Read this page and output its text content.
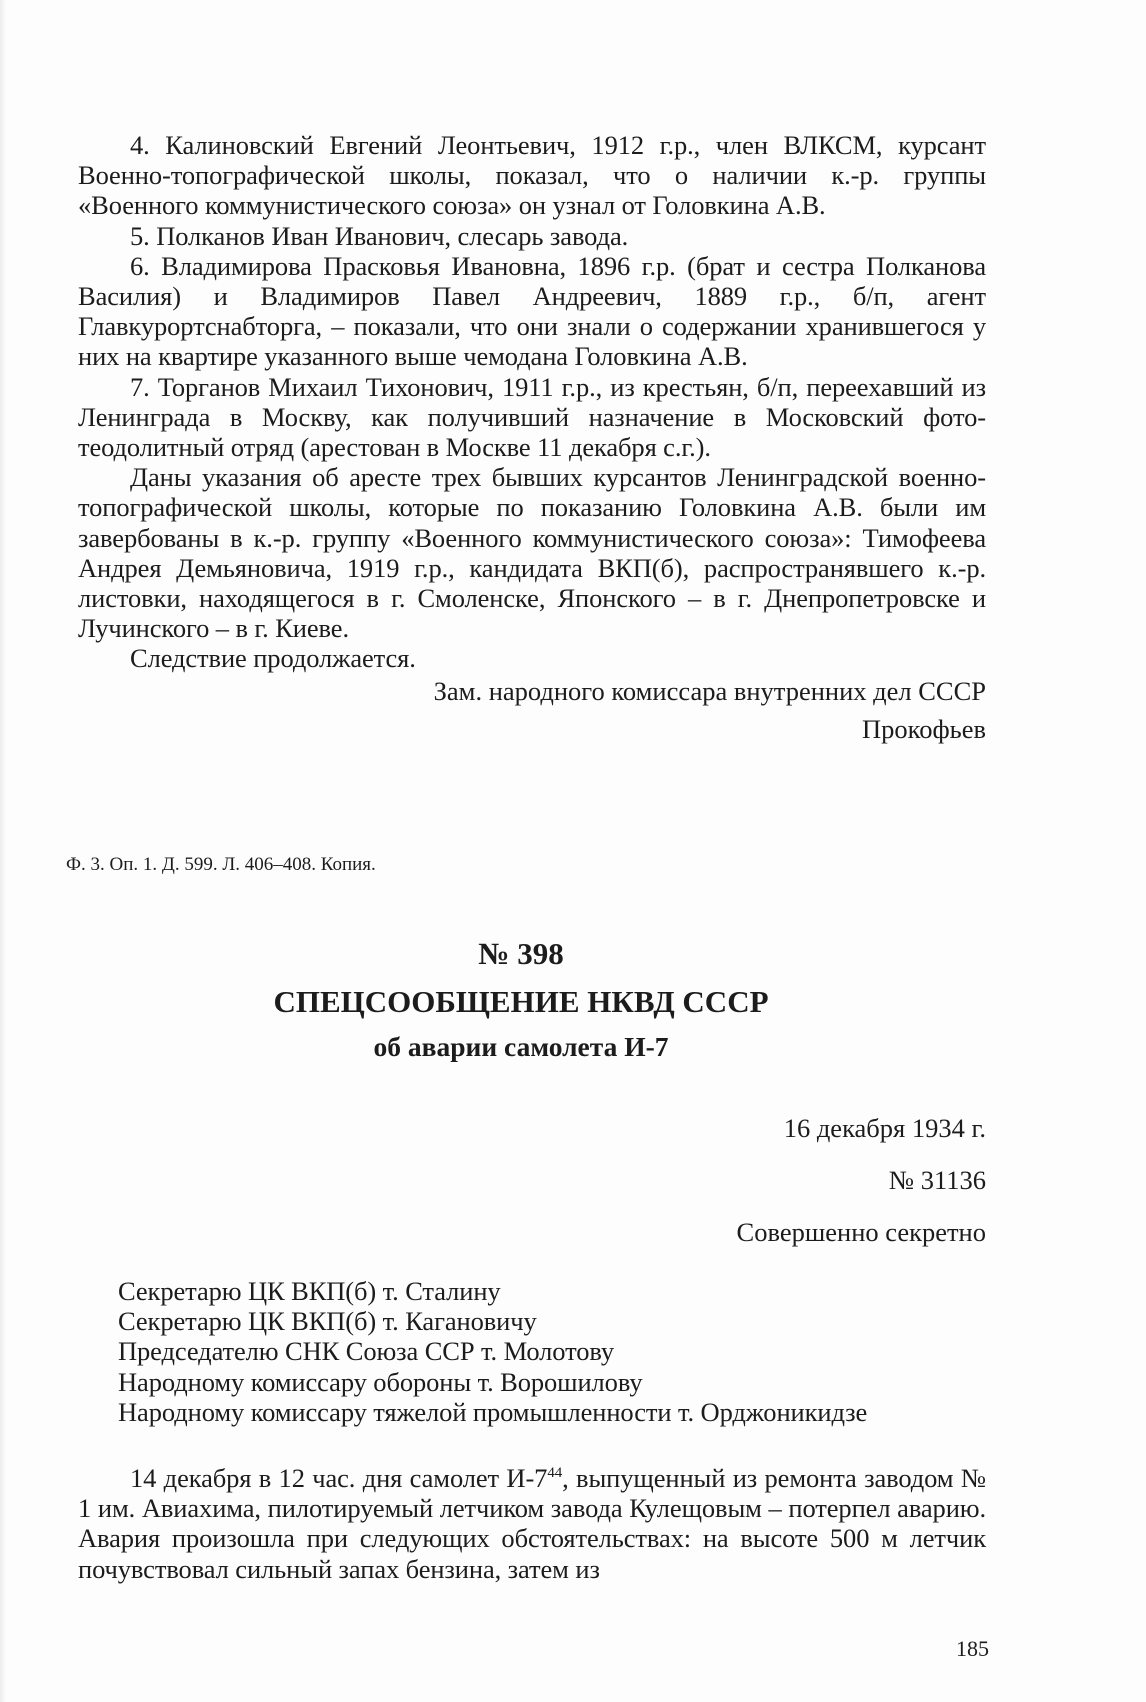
4. Калиновский Евгений Леонтьевич, 1912 г.р., член ВЛКСМ, курсант Военно-топографической школы, показал, что о наличии к.-р. группы «Военного коммунистического союза» он узнал от Головкина А.В.

5. Полканов Иван Иванович, слесарь завода.

6. Владимирова Прасковья Ивановна, 1896 г.р. (брат и сестра Полканова Василия) и Владимиров Павел Андреевич, 1889 г.р., б/п, агент Главкурортснабторга, – показали, что они знали о содержании хранившегося у них на квартире указанного выше чемодана Головкина А.В.

7. Торганов Михаил Тихонович, 1911 г.р., из крестьян, б/п, переехавший из Ленинграда в Москву, как получивший назначение в Московский фото-теодолитный отряд (арестован в Москве 11 декабря с.г.).

Даны указания об аресте трех бывших курсантов Ленинградской военно-топографической школы, которые по показанию Головкина А.В. были им завербованы в к.-р. группу «Военного коммунистического союза»: Тимофеева Андрея Демьяновича, 1919 г.р., кандидата ВКП(б), распространявшего к.-р. листовки, находящегося в г. Смоленске, Японского – в г. Днепропетровске и Лучинского – в г. Киеве.

Следствие продолжается.

Зам. народного комиссара внутренних дел СССР
Прокофьев
Ф. 3. Оп. 1. Д. 599. Л. 406–408. Копия.
№ 398
СПЕЦСООБЩЕНИЕ НКВД СССР
об аварии самолета И-7
16 декабря 1934 г.
№ 31136
Совершенно секретно
Секретарю ЦК ВКП(б) т. Сталину
Секретарю ЦК ВКП(б) т. Кагановичу
Председателю СНК Союза ССР т. Молотову
Народному комиссару обороны т. Ворошилову
Народному комиссару тяжелой промышленности т. Орджоникидзе

14 декабря в 12 час. дня самолет $И-7^{44}$, выпущенный из ремонта заводом № 1 им. Авиахима, пилотируемый летчиком завода Кулещовым – потерпел аварию. Авария произошла при следующих обстоятельствах: на высоте 500 м летчик почувствовал сильный запах бензина, затем из

185
